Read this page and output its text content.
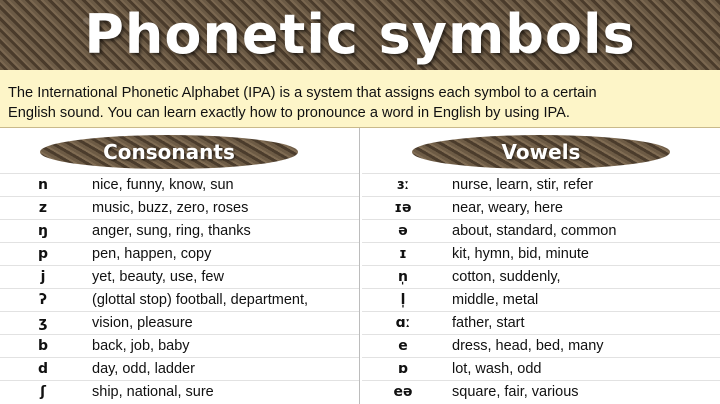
Phonetic symbols
The International Phonetic Alphabet (IPA) is a system that assigns each symbol to a certain
English sound. You can learn exactly how to pronounce a word in English by using IPA.
Consonants
n	nice, funny, know, sun
z	music, buzz, zero, roses
ŋ	anger, sung, ring, thanks
p	pen, happen, copy
j	yet, beauty, use, few
ʔ	(glottal stop) football, department,
ʒ	vision, pleasure
b	back, job, baby
d	day, odd, ladder
ʃ	ship, national, sure
Vowels
ɜː	nurse, learn, stir, refer
ɪə	near, weary, here
ə	about, standard, common
ɪ	kit, hymn, bid, minute
n̩	cotton, suddenly,
l̩	middle, metal
ɑː	father, start
e	dress, head, bed, many
ɒ	lot, wash, odd
eə	square, fair, various
